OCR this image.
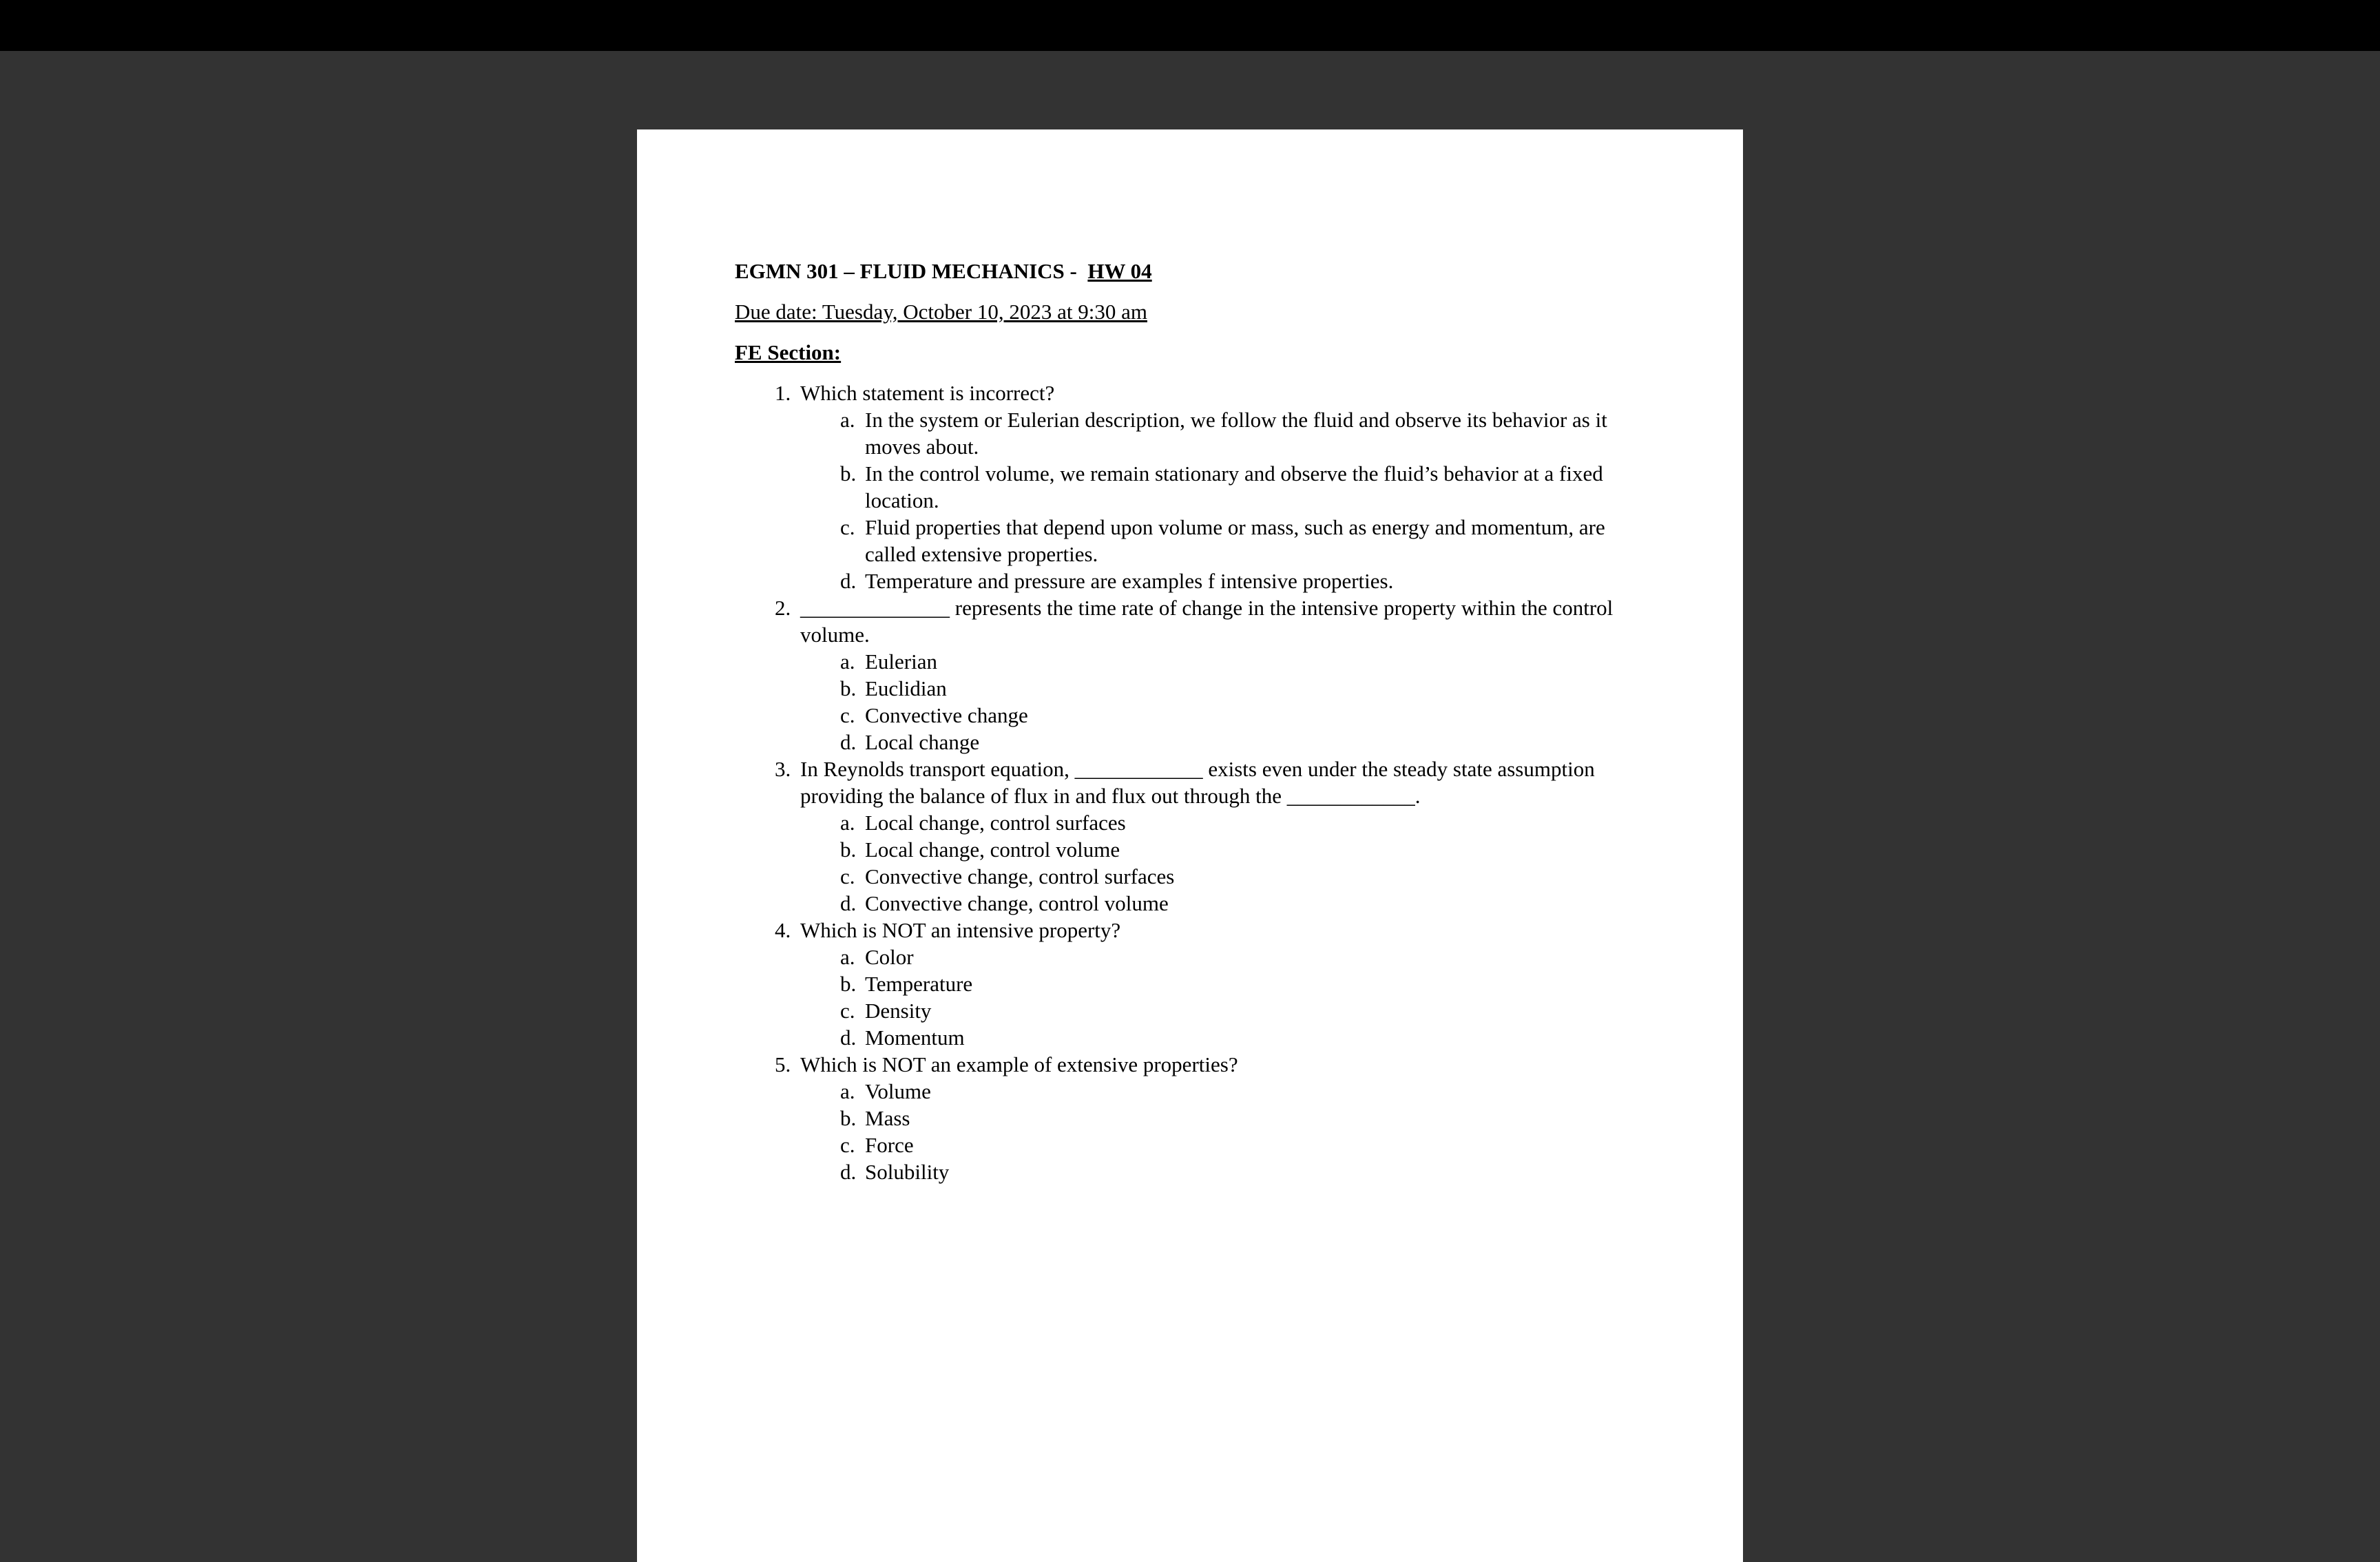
EGMN 301 – FLUID MECHANICS - HW 04
Due date: Tuesday, October 10, 2023 at 9:30 am
FE Section:
1. Which statement is incorrect?
a. In the system or Eulerian description, we follow the fluid and observe its behavior as it moves about.
b. In the control volume, we remain stationary and observe the fluid’s behavior at a fixed location.
c. Fluid properties that depend upon volume or mass, such as energy and momentum, are called extensive properties.
d. Temperature and pressure are examples f intensive properties.
2. ______________ represents the time rate of change in the intensive property within the control volume.
a. Eulerian
b. Euclidian
c. Convective change
d. Local change
3. In Reynolds transport equation, ____________ exists even under the steady state assumption providing the balance of flux in and flux out through the ____________.
a. Local change, control surfaces
b. Local change, control volume
c. Convective change, control surfaces
d. Convective change, control volume
4. Which is NOT an intensive property?
a. Color
b. Temperature
c. Density
d. Momentum
5. Which is NOT an example of extensive properties?
a. Volume
b. Mass
c. Force
d. Solubility
